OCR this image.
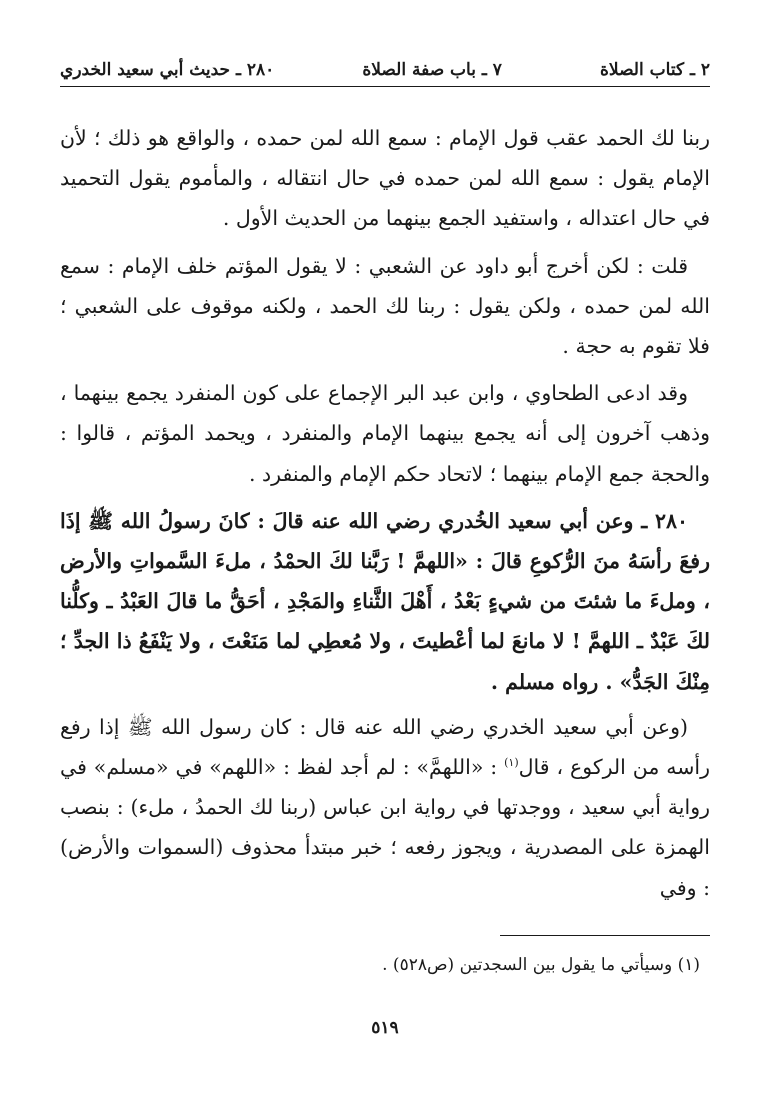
٢ ـ كتاب الصلاة
٧ ـ باب صفة الصلاة
٢٨٠ ـ حديث أبي سعيد الخدري

ربنا لك الحمد عقب قول الإمام : سمع الله لمن حمده ، والواقع هو ذلك ؛ لأن الإمام يقول : سمع الله لمن حمده في حال انتقاله ، والمأموم يقول التحميد في حال اعتداله ، واستفيد الجمع بينهما من الحديث الأول .

قلت : لكن أخرج أبو داود عن الشعبي : لا يقول المؤتم خلف الإمام : سمع الله لمن حمده ، ولكن يقول : ربنا لك الحمد ، ولكنه موقوف على الشعبي ؛ فلا تقوم به حجة .

وقد ادعى الطحاوي ، وابن عبد البر الإجماع على كون المنفرد يجمع بينهما ، وذهب آخرون إلى أنه يجمع بينهما الإمام والمنفرد ، ويحمد المؤتم ، قالوا : والحجة جمع الإمام بينهما ؛ لاتحاد حكم الإمام والمنفرد .

٢٨٠ ـ وعن أبي سعيد الخُدري رضي الله عنه قالَ : كانَ رسولُ الله ﷺ إذَا رفعَ رأسَهُ منَ الرُّكوعِ قالَ : «اللهمَّ ! رَبَّنا لكَ الحمْدُ ، ملءَ السَّمواتِ والأرض ، وملءَ ما شئتَ من شيءٍ بَعْدُ ، أَهْلَ الثَّناءِ والمَجْدِ ، أحَقُّ ما قالَ العَبْدُ ـ وكلُّنا لكَ عَبْدٌ ـ اللهمَّ ! لا مانعَ لما أعْطيتَ ، ولا مُعطِي لما مَنَعْتَ ، ولا يَنْفَعُ ذا الجدِّ ؛ مِنْكَ الجَدُّ» . رواه مسلم .

(وعن أبي سعيد الخدري رضي الله عنه قال : كان رسول الله ﷺ إذا رفع رأسه من الركوع ، قال$^{(١)}$ : «اللهمَّ» : لم أجد لفظ : «اللهم» في «مسلم» في رواية أبي سعيد ، ووجدتها في رواية ابن عباس (ربنا لك الحمدُ ، ملء) : بنصب الهمزة على المصدرية ، ويجوز رفعه ؛ خبر مبتدأ محذوف (السموات والأرض) : وفي

(١) وسيأتي ما يقول بين السجدتين (ص٥٢٨) .
٥١٩
